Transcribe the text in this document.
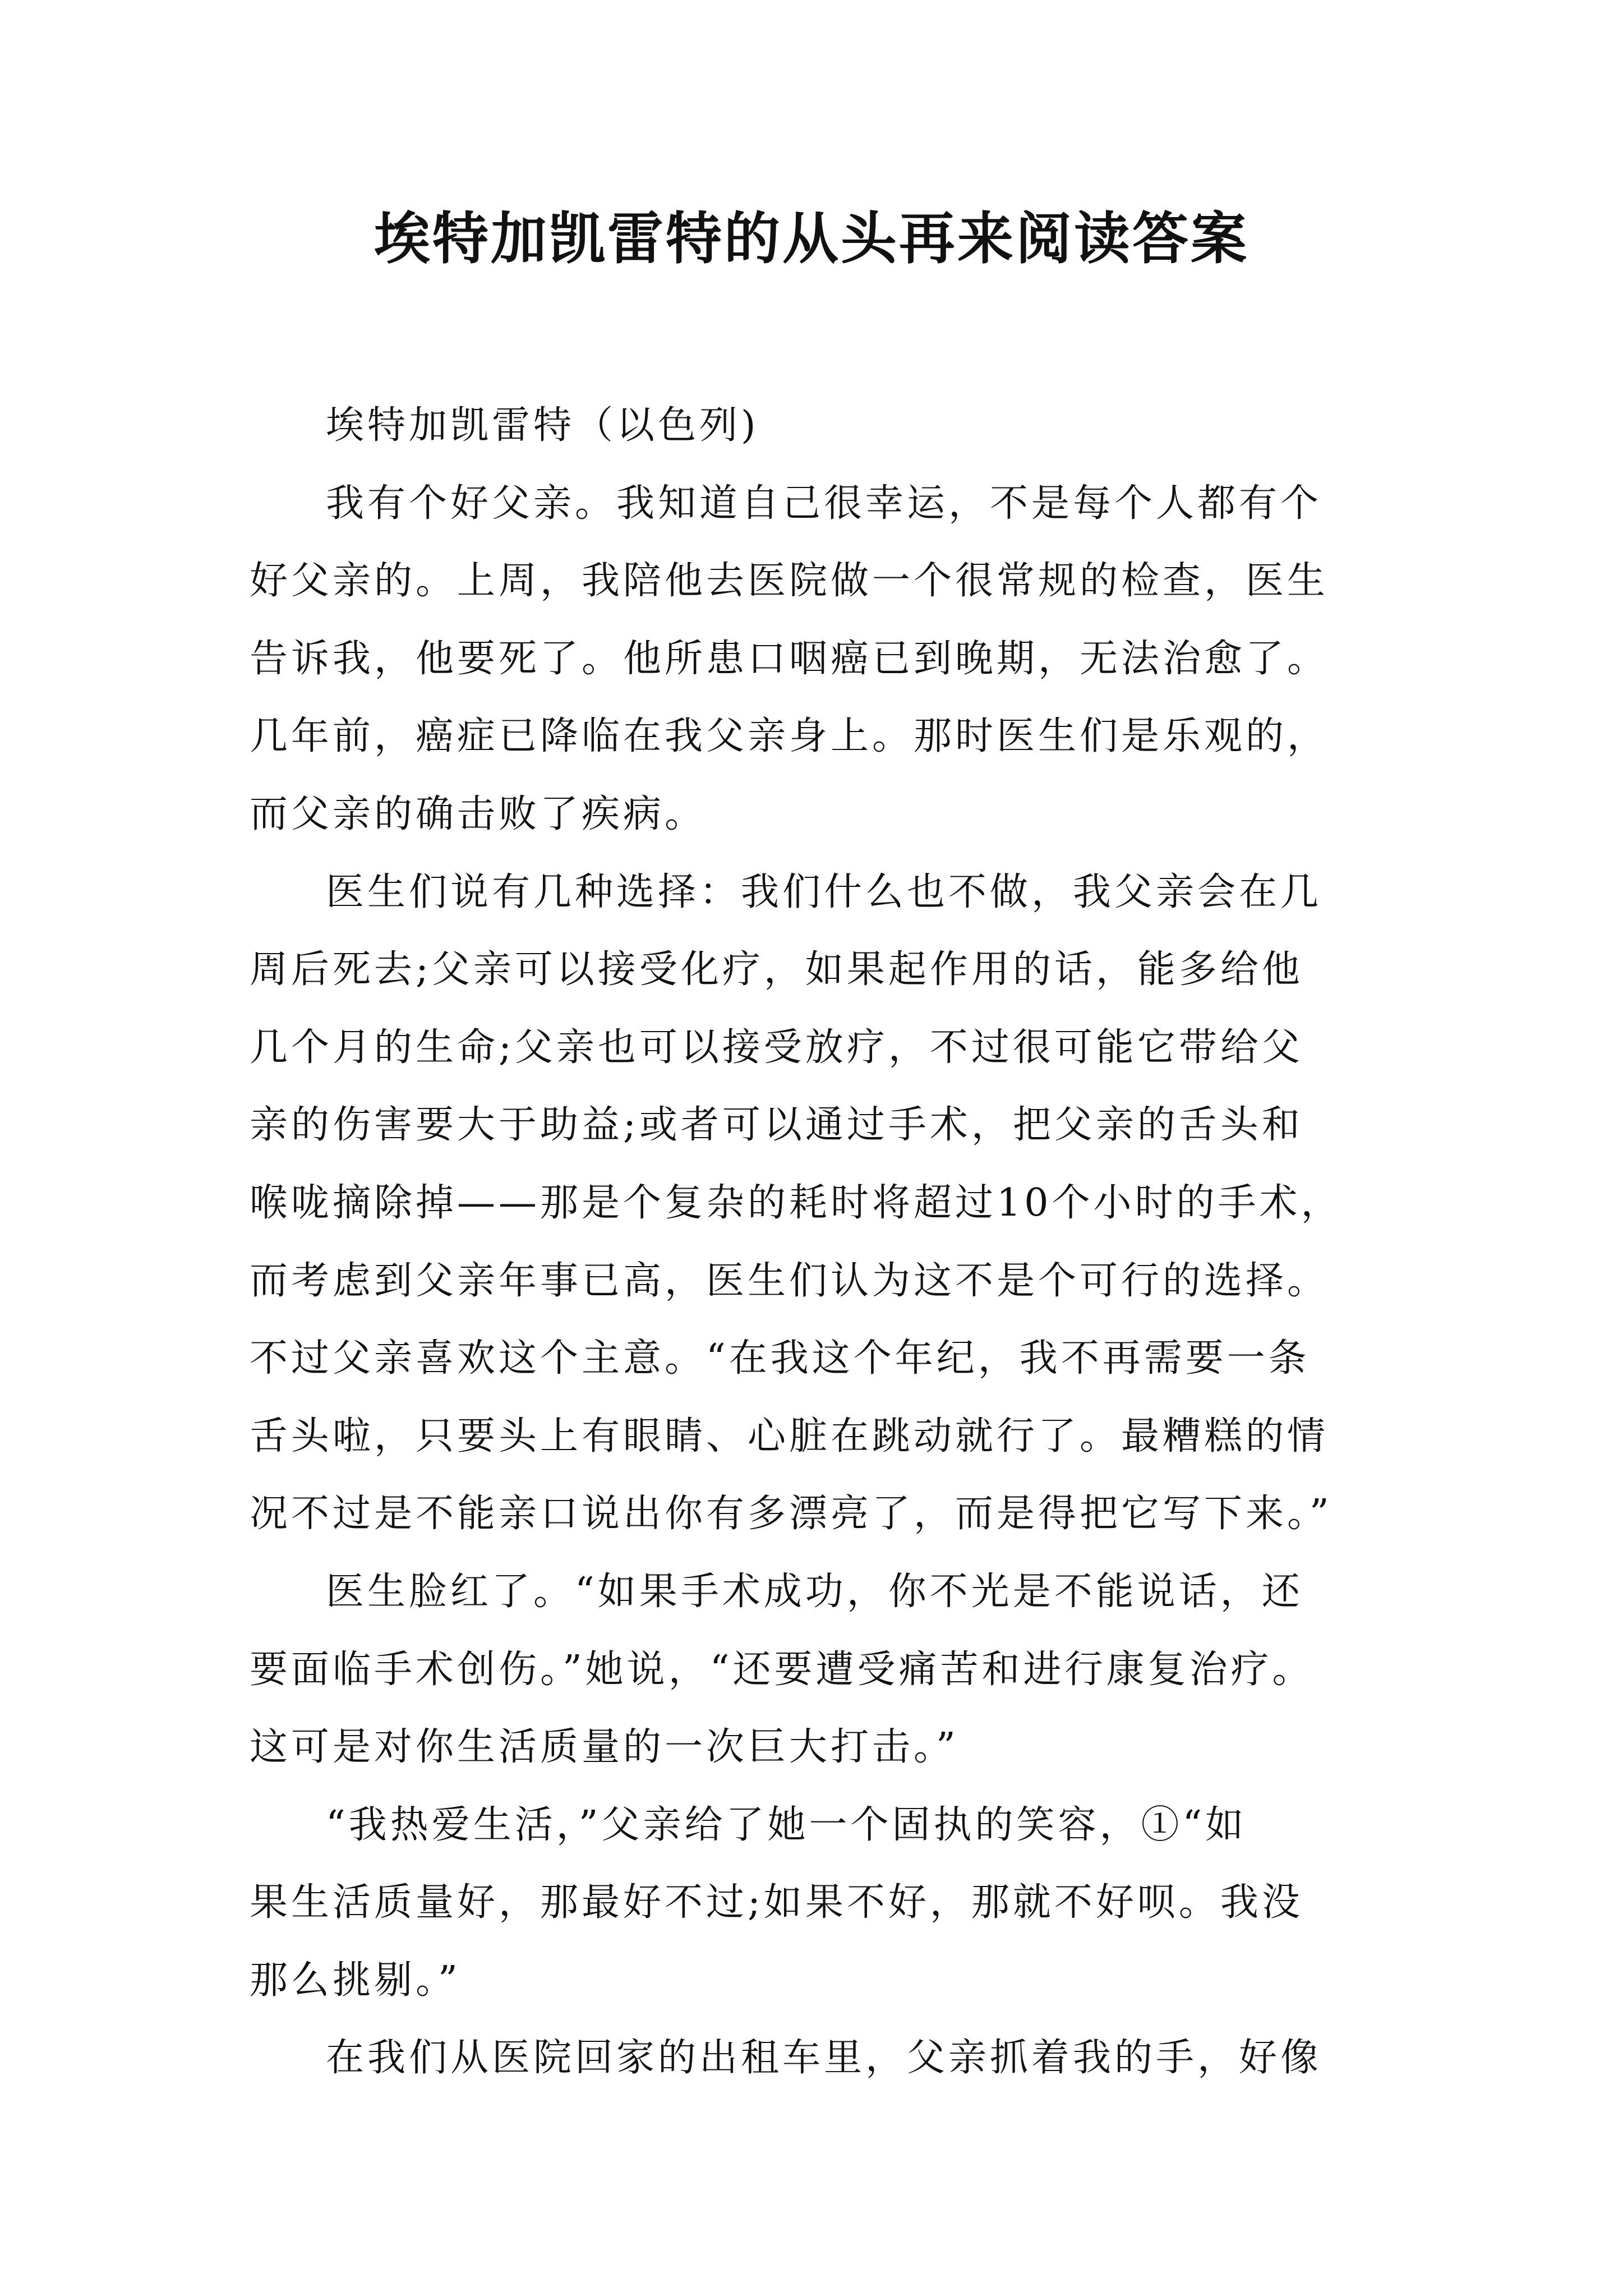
埃特加凯雷特的从头再来阅读答案

埃特加凯雷特（以色列)

我有个好父亲。我知道自己很幸运，不是每个人都有个
好父亲的。上周，我陪他去医院做一个很常规的检查，医生
告诉我，他要死了。他所患口咽癌已到晚期，无法治愈了。
几年前，癌症已降临在我父亲身上。那时医生们是乐观的，
而父亲的确击败了疾病。

医生们说有几种选择：我们什么也不做，我父亲会在几
周后死去;父亲可以接受化疗，如果起作用的话，能多给他
几个月的生命;父亲也可以接受放疗，不过很可能它带给父
亲的伤害要大于助益;或者可以通过手术，把父亲的舌头和
喉咙摘除掉——那是个复杂的耗时将超过10个小时的手术，
而考虑到父亲年事已高，医生们认为这不是个可行的选择。
不过父亲喜欢这个主意。“在我这个年纪，我不再需要一条
舌头啦，只要头上有眼睛、心脏在跳动就行了。最糟糕的情
况不过是不能亲口说出你有多漂亮了，而是得把它写下来。”

医生脸红了。“如果手术成功，你不光是不能说话，还
要面临手术创伤。”她说，“还要遭受痛苦和进行康复治疗。
这可是对你生活质量的一次巨大打击。”

“我热爱生活，”父亲给了她一个固执的笑容，①“如
果生活质量好，那最好不过;如果不好，那就不好呗。我没
那么挑剔。”

在我们从医院回家的出租车里，父亲抓着我的手，好像
